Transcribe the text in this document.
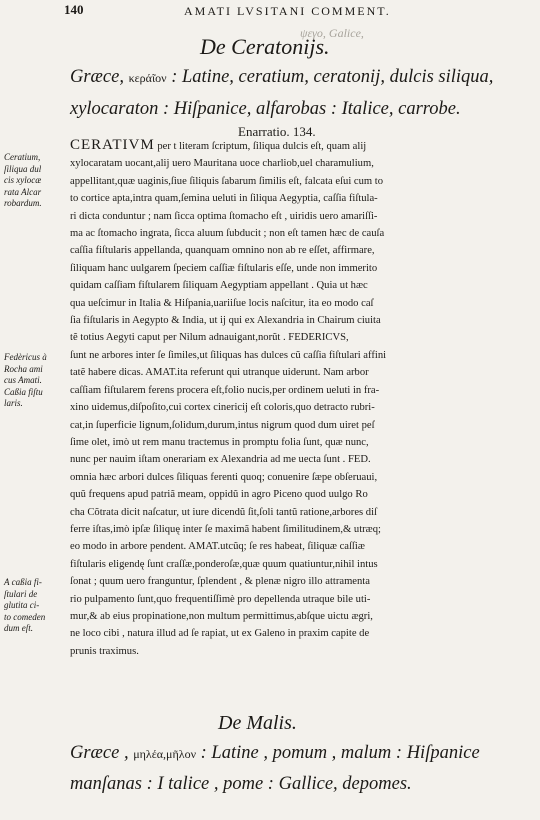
140	AMATI LVSITANI COMMENT.
ψεγο, Galice,
De Ceratonijs.

Græce, κερά̃ιον : Latine, ceratium, ceratonij, dulcis siliqua,

xylocaraton : Hiſpanice, alfarobas : Italice, carrobe.

Enarratio. 134.
CERATIVM per t literam ſcriptum, ſiliqua dulcis eſt, quam alij
xylocaratam uocant,alij uero Mauritana uoce charliob,uel charamulium,
appellitant,quæ uaginis,ſiue ſiliquis ſabarum ſimilis eſt, falcata eſui cum to
to cortice apta,intra quam,ſemina ueluti in ſiliqua Aegyptia, caſſia fiſtula-
ri dicta conduntur ; nam ſicca optima ſtomacho eſt , uiridis uero amariſſi-
ma ac ſtomacho ingrata, ſicca aluum ſubducit ; non eſt tamen hæc de cauſa
caſſia fiſtularis appellanda, quanquam omnino non ab re eſſet, affirmare,
ſiliquam hanc uulgarem ſpeciem caſſiæ fiſtularis eſſe, unde non immerito
quidam caſſiam fiſtularem ſiliquam Aegyptiam appellant . Quia ut hæc
qua ueſcimur in Italia & Hiſpania,uariiſue locis naſcitur, ita eo modo caſ
ſia fiſtularis in Aegypto & India, ut ij qui ex Alexandria in Chairum ciuita
tẽ totius Aegyti caput per Nilum adnauigant,norũt . FEDERICVS,
ſunt ne arbores inter ſe ſimiles,ut ſiliquas has dulces cũ caſſia fiſtulari affini
tatẽ habere dicas. AMAT.ita referunt qui utranque uiderunt. Nam arbor
caſſiam fiſtularem ferens procera eſt,folio nucis,per ordinem ueluti in fra-
xino uidemus,diſpoſito,cui cortex cinericij eſt coloris,quo detracto rubri-
cat,in ſuperficie lignum,ſolidum,durum,intus nigrum quod dum uiret peſ
ſime olet, imò ut rem manu tractemus in promptu folia ſunt, quæ nunc,
nunc per nauim iſtam onerariam ex Alexandria ad me uecta ſunt . FED.
omnia hæc arbori dulces ſiliquas ferenti quoq; conuenire ſæpe obſeruaui,
quũ frequens apud patriã meam, oppidũ in agro Piceno quod uulgo Ro
cha Cõtrata dicit naſcatur, ut iure dicendũ ſit,ſoli tantũ ratione,arbores diſ
ferre iſtas,imò ipſæ ſiliquę inter ſe maximã habent ſimilitudinem,& utræq;
eo modo in arbore pendent. AMAT.utcũq; ſe res habeat, ſiliquæ caſſiæ
fiſtularis eligendę ſunt craſſæ,ponderoſæ,quæ quum quatiuntur,nihil intus
ſonat ; quum uero franguntur, ſplendent , & plenæ nigro illo attramenta
rio pulpamento ſunt,quo frequentiſſimè pro depellenda utraque bile uti-
mur,& ab eius propinatione,non multum permittimus,abſque uictu ægri,
ne loco cibi , natura illud ad ſe rapiat, ut ex Galeno in praxim capite de
prunis traximus.

Ceratium,

ſiliqua dul

cis xylocæ

rata Alcar

robardum.

Fedèricus à

Rocha ami

cus Amati.

Caßia fiſtu

laris.

A caßia fi-

ſtulari de

glutita ci-

to comeden

dum eſt.

De Malis.

Græce , μηλέα,μῆλον : Latine , pomum , malum : Hiſpanice

manſanas : I talice , pome : Gallice, depomes.
